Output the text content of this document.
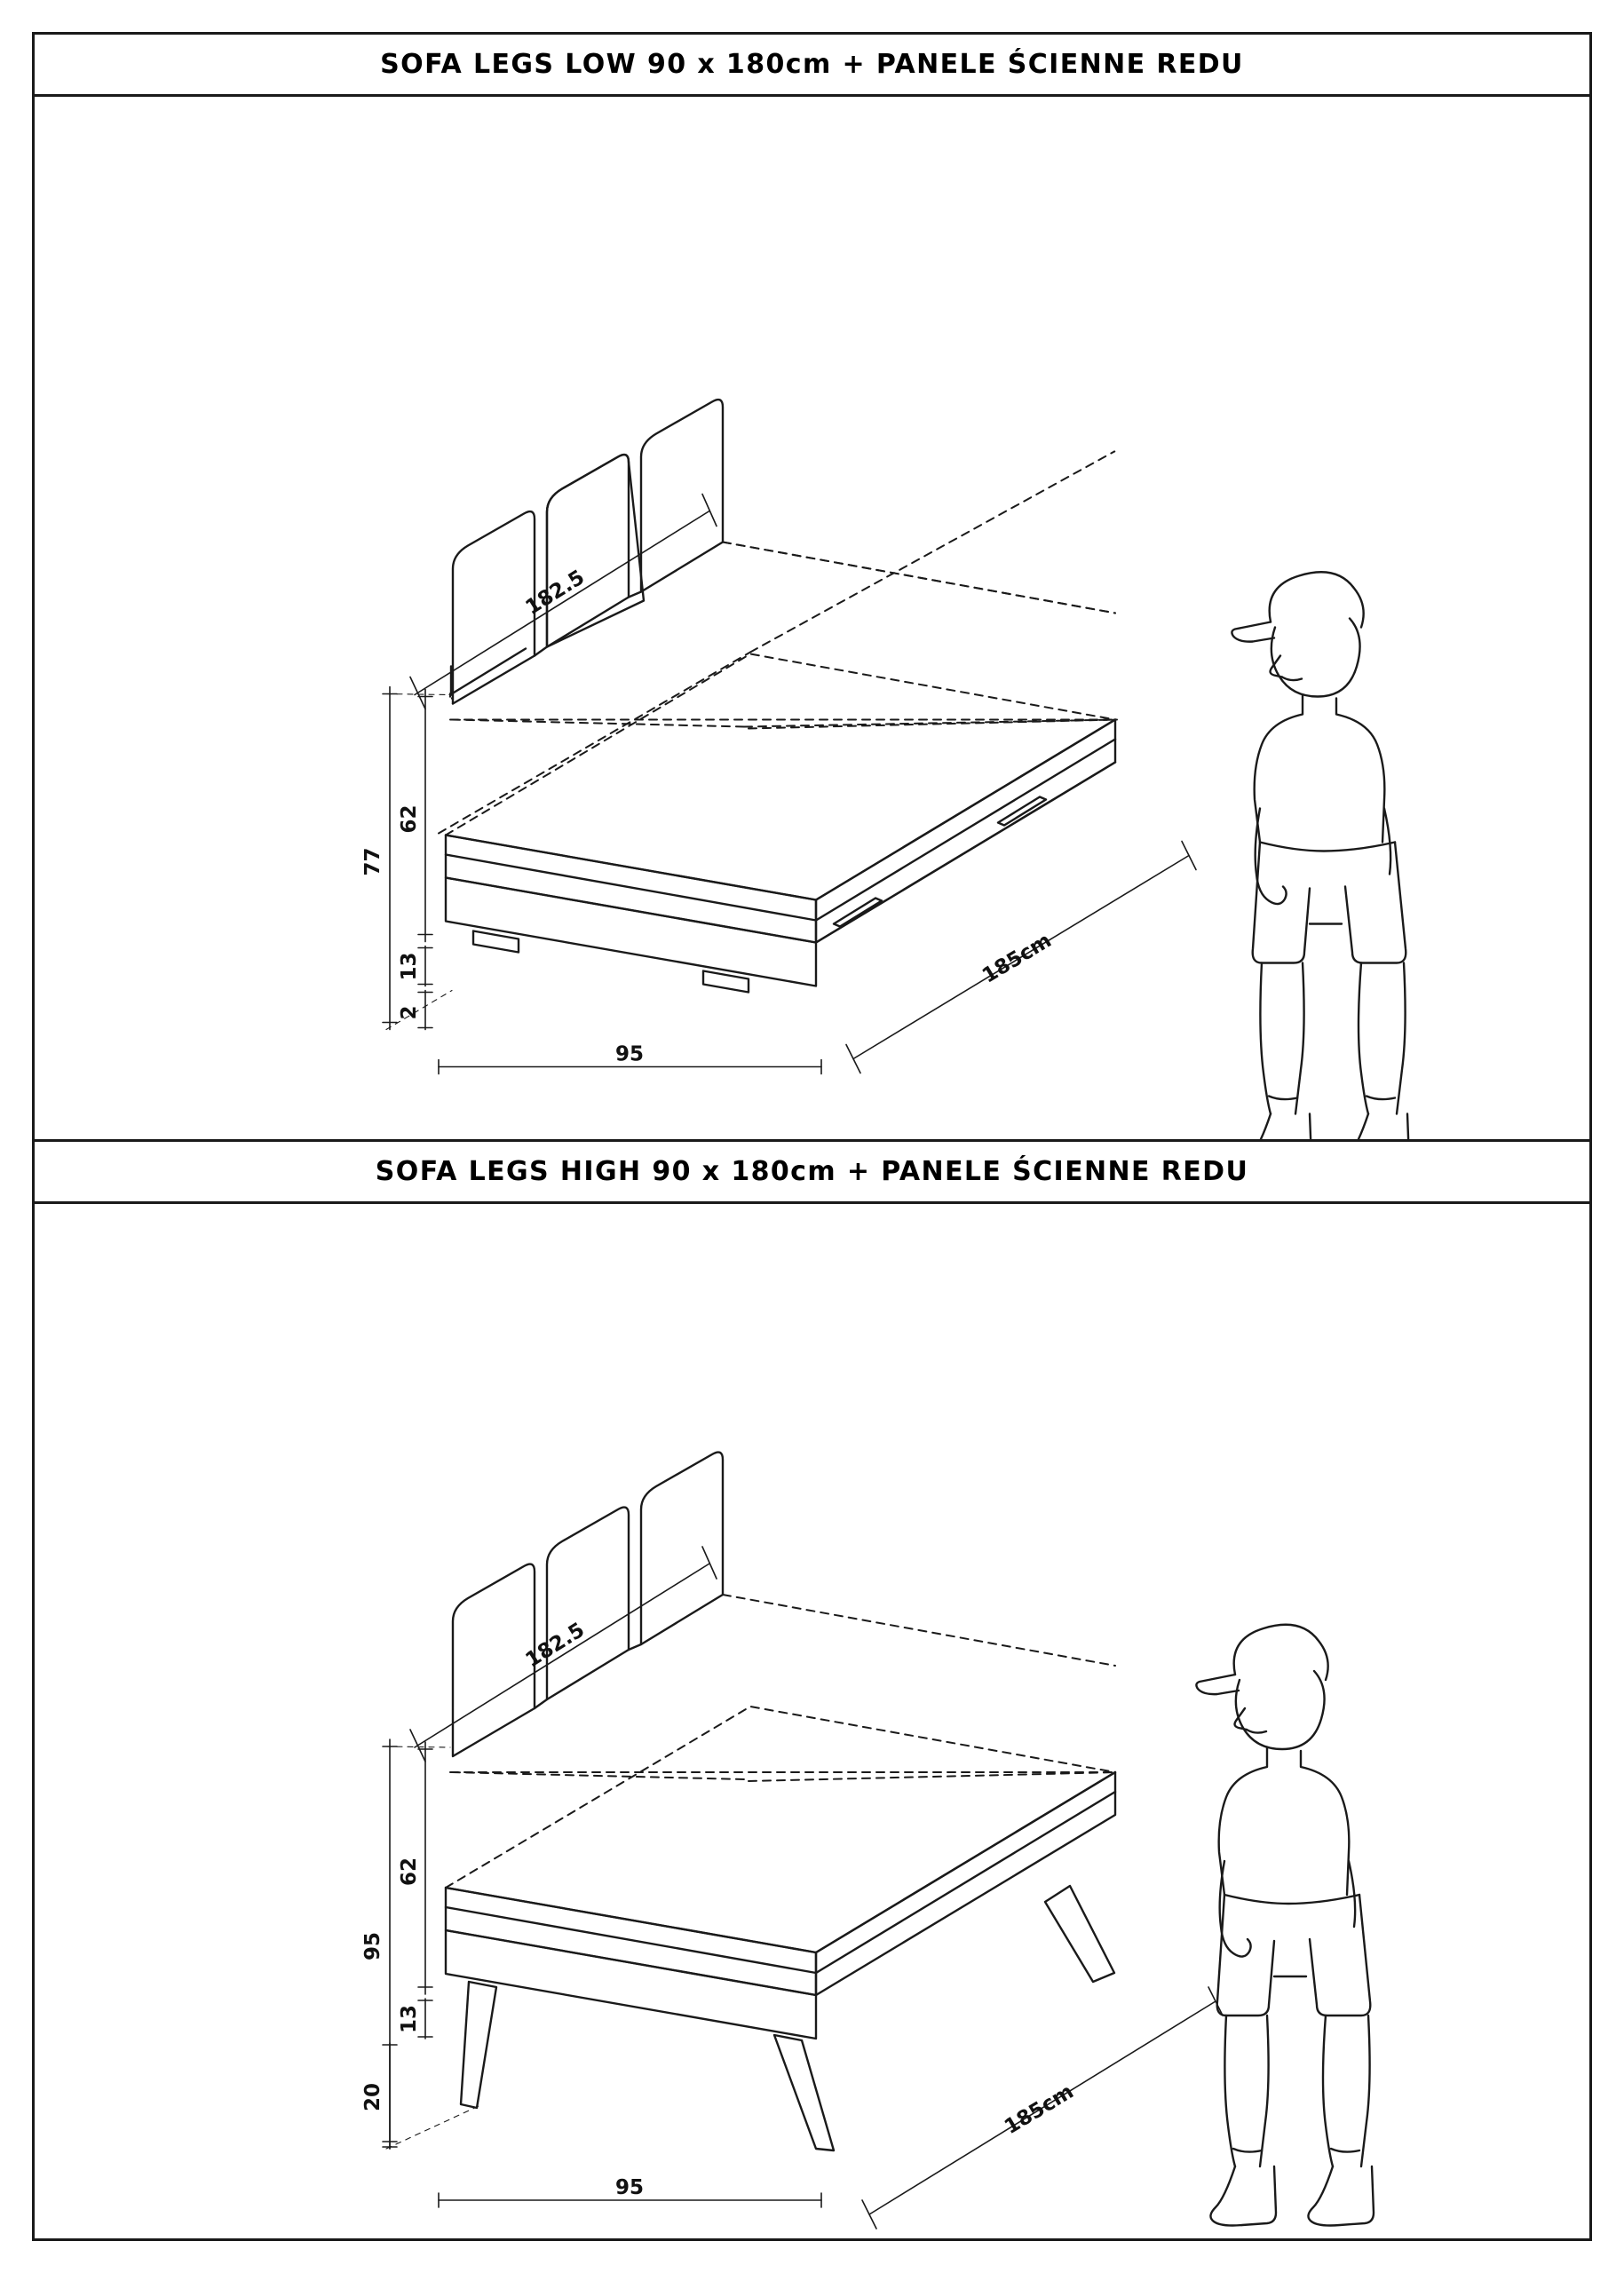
SOFA LEGS LOW 90 x 180cm + PANELE ŚCIENNE REDU
182.5
77
62
13
2
95
185cm
SOFA LEGS HIGH 90 x 180cm + PANELE ŚCIENNE REDU
182.5
95
62
13
20
95
185cm
